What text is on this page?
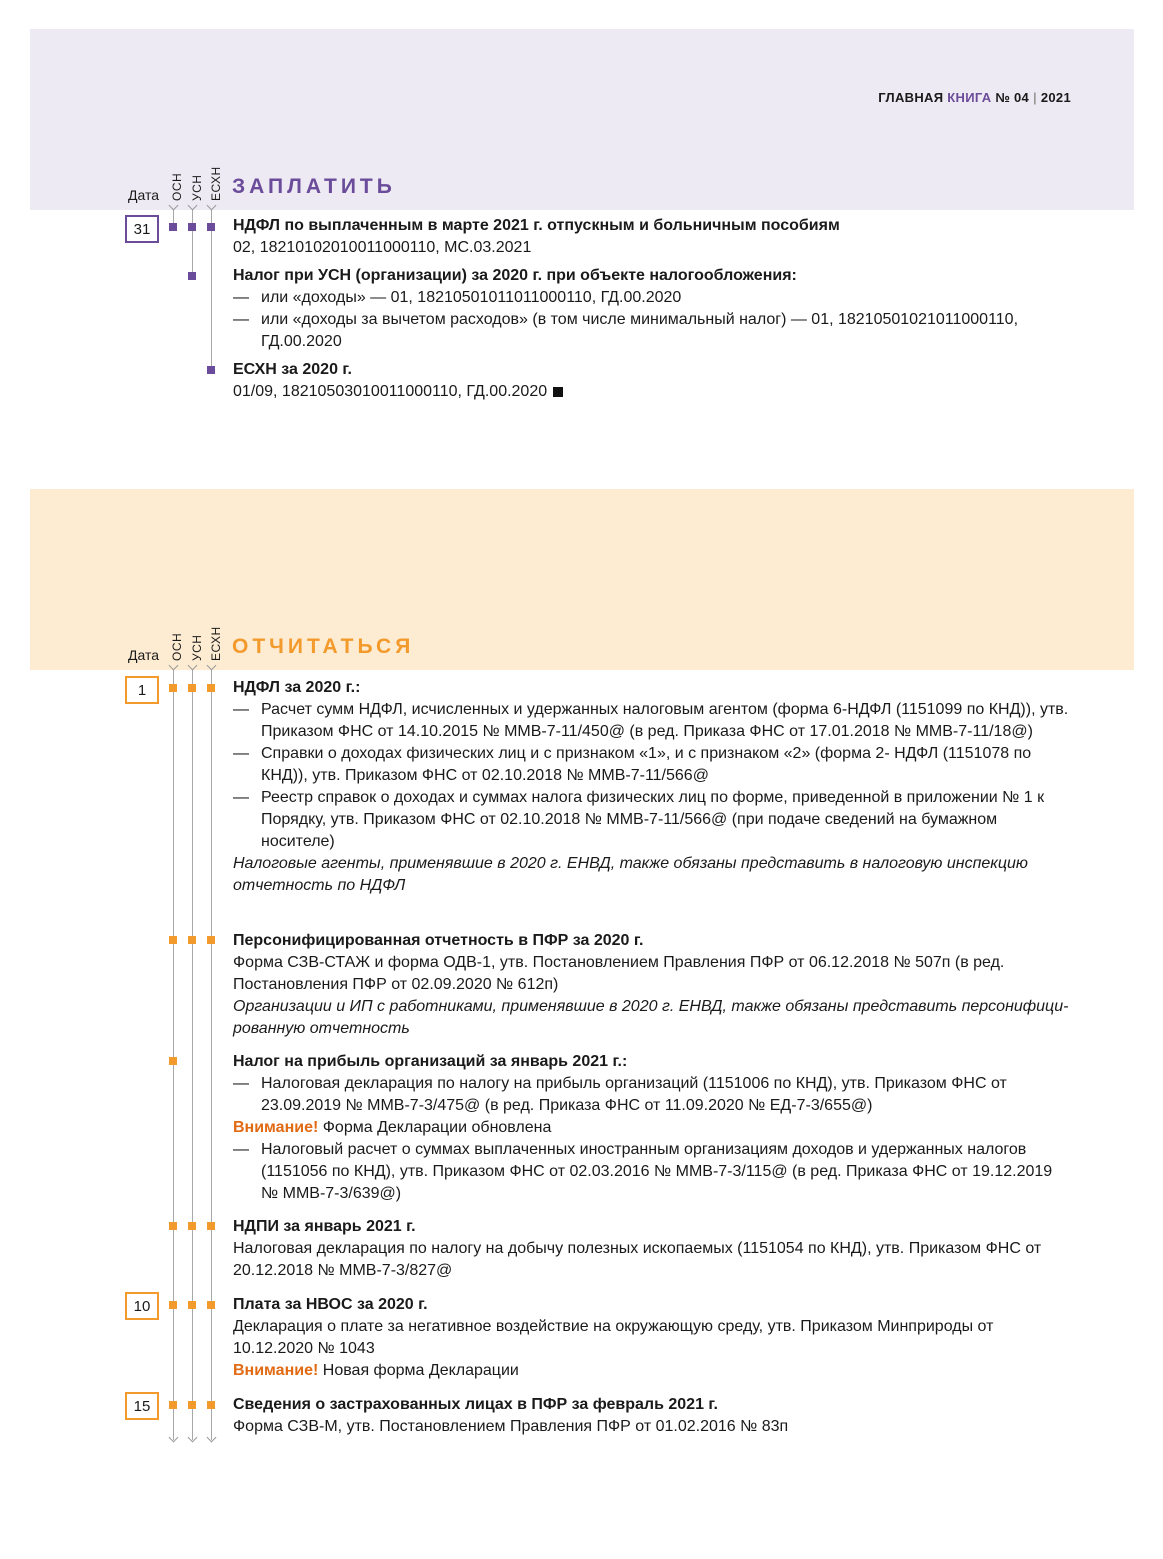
ГЛАВНАЯ КНИГА № 04 | 2021
Дата ОСН УСН ЕСХН ЗАПЛАТИТЬ
31	НДФЛ по выплаченным в марте 2021 г. отпускным и больничным пособиям
02, 18210102010011000110, МС.03.2021
Налог при УСН (организации) за 2020 г. при объекте налогообложения:
— или «доходы» — 01, 18210501011011000110, ГД.00.2020
— или «доходы за вычетом расходов» (в том числе минимальный налог) — 01, 18210501021011000110, ГД.00.2020
ЕСХН за 2020 г.
01/09, 18210503010011000110, ГД.00.2020
Дата ОСН УСН ЕСХН ОТЧИТАТЬСЯ
1
10
15
НДФЛ за 2020 г.:
— Расчет сумм НДФЛ, исчисленных и удержанных налоговым агентом (форма 6-НДФЛ (1151099 по КНД)), утв. Приказом ФНС от 14.10.2015 № ММВ-7-11/450@ (в ред. Приказа ФНС от 17.01.2018 № ММВ-7-11/18@)
— Справки о доходах физических лиц и с признаком «1», и с признаком «2» (форма 2- НДФЛ (1151078 по КНД)), утв. Приказом ФНС от 02.10.2018 № ММВ-7-11/566@
— Реестр справок о доходах и суммах налога физических лиц по форме, приведенной в приложении № 1 к Порядку, утв. Приказом ФНС от 02.10.2018 № ММВ-7-11/566@ (при подаче сведений на бумажном носителе)
Налоговые агенты, применявшие в 2020 г. ЕНВД, также обязаны представить в налоговую инспекцию отчетность по НДФЛ
Персонифицированная отчетность в ПФР за 2020 г.
Форма СЗВ-СТАЖ и форма ОДВ-1, утв. Постановлением Правления ПФР от 06.12.2018 № 507п (в ред. Постановления ПФР от 02.09.2020 № 612п)
Организации и ИП с работниками, применявшие в 2020 г. ЕНВД, также обязаны представить персонифицированную отчетность
Налог на прибыль организаций за январь 2021 г.:
— Налоговая декларация по налогу на прибыль организаций (1151006 по КНД), утв. Приказом ФНС от 23.09.2019 № ММВ-7-3/475@ (в ред. Приказа ФНС от 11.09.2020 № ЕД-7-3/655@)
Внимание! Форма Декларации обновлена
— Налоговый расчет о суммах выплаченных иностранным организациям доходов и удержанных налогов (1151056 по КНД), утв. Приказом ФНС от 02.03.2016 № ММВ-7-3/115@ (в ред. Приказа ФНС от 19.12.2019 № ММВ-7-3/639@)
НДПИ за январь 2021 г.
Налоговая декларация по налогу на добычу полезных ископаемых (1151054 по КНД), утв. Приказом ФНС от 20.12.2018 № ММВ-7-3/827@
Плата за НВОС за 2020 г.
Декларация о плате за негативное воздействие на окружающую среду, утв. Приказом Минприроды от 10.12.2020 № 1043
Внимание! Новая форма Декларации
Сведения о застрахованных лицах в ПФР за февраль 2021 г.
Форма СЗВ-М, утв. Постановлением Правления ПФР от 01.02.2016 № 83п
